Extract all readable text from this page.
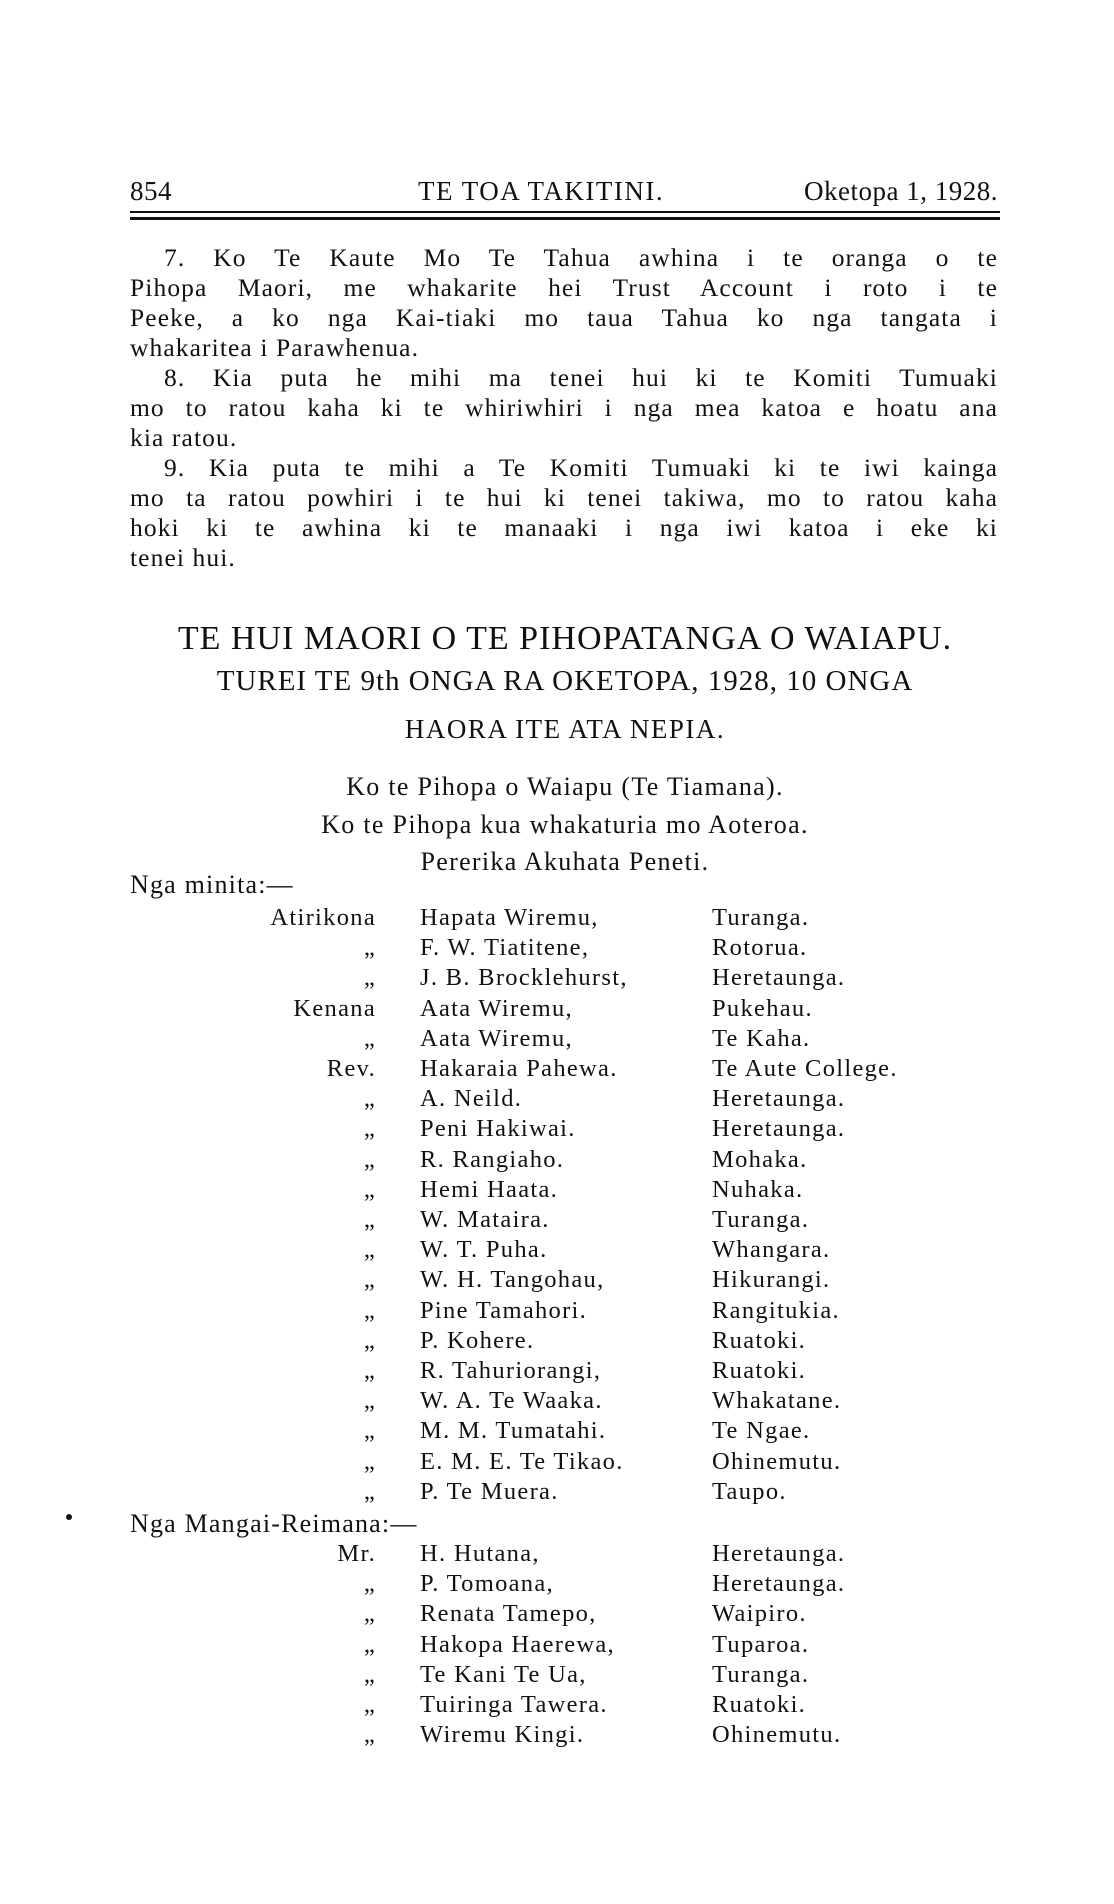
854	TE TOA TAKITINI.	Oketopa 1, 1928.

7. Ko Te Kaute Mo Te Tahua awhina i te oranga o te
Pihopa Maori, me whakarite hei Trust Account i roto i te
Peeke, a ko nga Kai-tiaki mo taua Tahua ko nga tangata i
whakaritea i Parawhenua.

8. Kia puta he mihi ma tenei hui ki te Komiti Tumuaki
mo to ratou kaha ki te whiriwhiri i nga mea katoa e hoatu ana
kia ratou.

9. Kia puta te mihi a Te Komiti Tumuaki ki te iwi kainga
mo ta ratou powhiri i te hui ki tenei takiwa, mo to ratou kaha
hoki ki te awhina ki te manaaki i nga iwi katoa i eke ki
tenei hui.

TE HUI MAORI O TE PIHOPATANGA O WAIAPU.

TUREI TE 9th ONGA RA OKETOPA, 1928, 10 ONGA

HAORA ITE ATA NEPIA.

Ko te Pihopa o Waiapu (Te Tiamana).

Ko te Pihopa kua whakaturia mo Aoteroa.

Pererika Akuhata Peneti.

Nga minita:—
Atirikona Hapata Wiremu,	Turanga.
„ F. W. Tiatitene,	Rotorua.
„ J. B. Brocklehurst,	Heretaunga.
Kenana Aata Wiremu,	Pukehau.
„ Aata Wiremu,	Te Kaha.
Rev. Hakaraia Pahewa.	Te Aute College.
„ A. Neild.	Heretaunga.
„ Peni Hakiwai.	Heretaunga.
„ R. Rangiaho.	Mohaka.
„ Hemi Haata.	Nuhaka.
„ W. Mataira.	Turanga.
„ W. T. Puha.	Whangara.
„ W. H. Tangohau,	Hikurangi.
„ Pine Tamahori.	Rangitukia.
„ P. Kohere.	Ruatoki.
„ R. Tahuriorangi,	Ruatoki.
„ W. A. Te Waaka.	Whakatane.
„ M. M. Tumatahi.	Te Ngae.
„ E. M. E. Te Tikao.	Ohinemutu.
„ P. Te Muera.	Taupo.
Nga Mangai-Reimana:—
Mr. H. Hutana,	Heretaunga.
„ P. Tomoana,	Heretaunga.
„ Renata Tamepo,	Waipiro.
„ Hakopa Haerewa,	Tuparoa.
„ Te Kani Te Ua,	Turanga.
„ Tuiringa Tawera.	Ruatoki.
„ Wiremu Kingi.	Ohinemutu.
